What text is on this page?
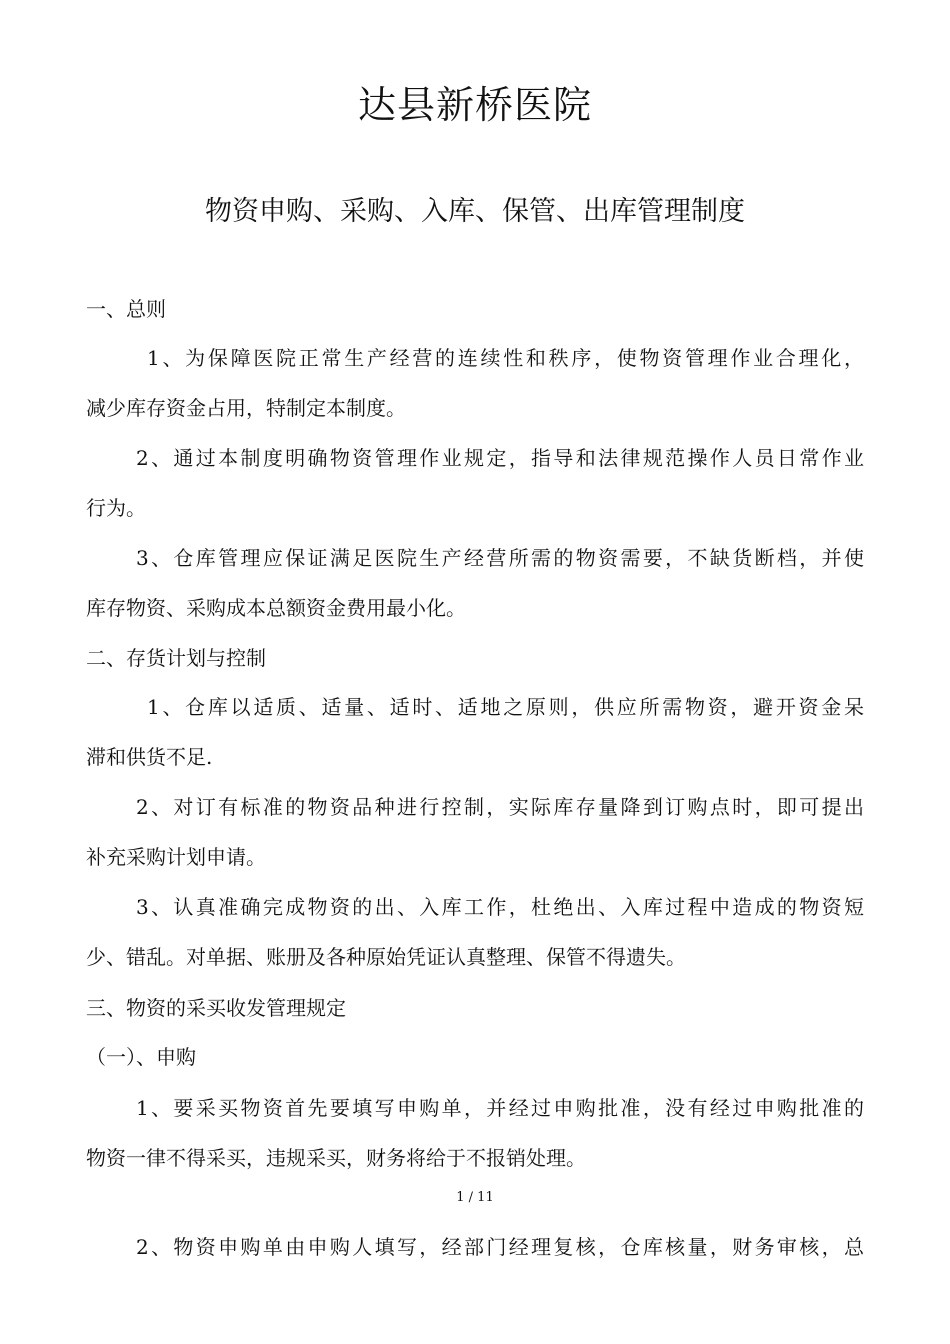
达县新桥医院
物资申购、采购、入库、保管、出库管理制度
一、总则
1、为保障医院正常生产经营的连续性和秩序，使物资管理作业合理化，
减少库存资金占用，特制定本制度。
2、通过本制度明确物资管理作业规定，指导和法律规范操作人员日常作业
行为。
3、仓库管理应保证满足医院生产经营所需的物资需要，不缺货断档，并使
库存物资、采购成本总额资金费用最小化。
二、存货计划与控制
1、仓库以适质、适量、适时、适地之原则，供应所需物资，避开资金呆
滞和供货不足.
2、对订有标准的物资品种进行控制，实际库存量降到订购点时，即可提出
补充采购计划申请。
3、认真准确完成物资的出、入库工作，杜绝出、入库过程中造成的物资短
少、错乱。对单据、账册及各种原始凭证认真整理、保管不得遗失。
三、物资的采买收发管理规定
（一）、申购
1、要采买物资首先要填写申购单，并经过申购批准，没有经过申购批准的
物资一律不得采买，违规采买，财务将给于不报销处理。
1 / 11
2、物资申购单由申购人填写，经部门经理复核，仓库核量，财务审核，总
